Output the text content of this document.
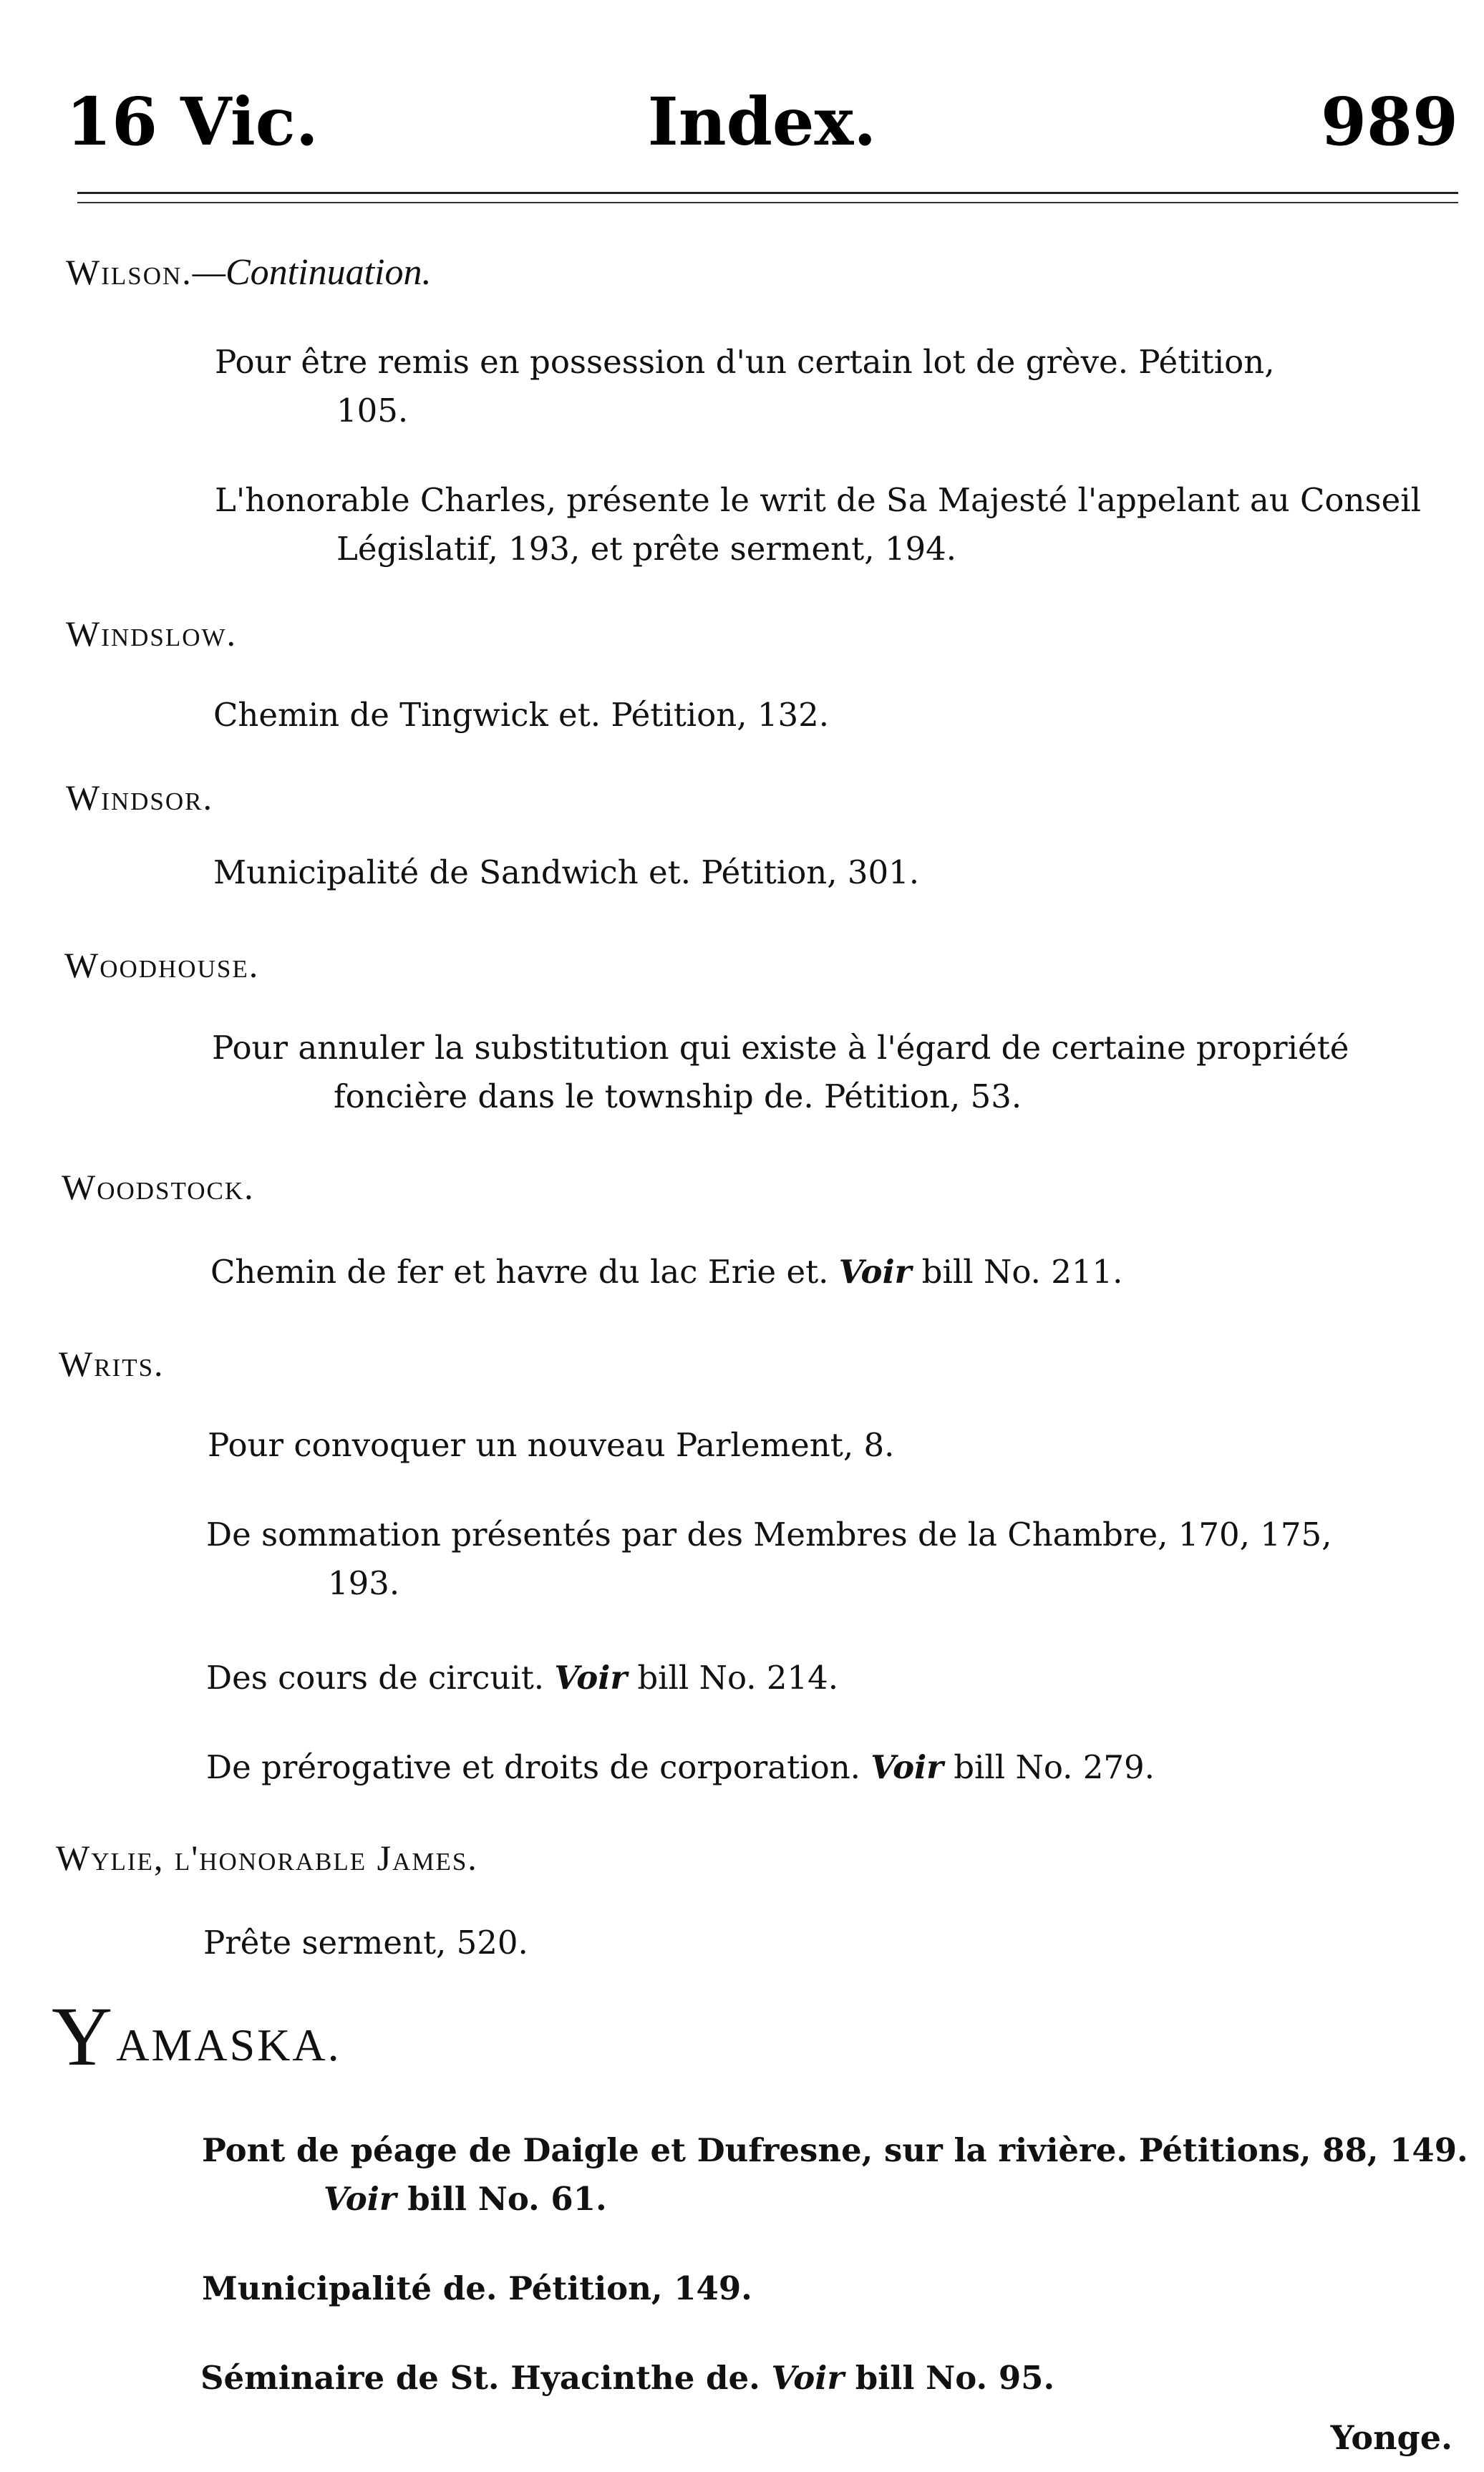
16 Vic.	Index.	989
Wilson.—Continuation.
Pour être remis en possession d'un certain lot de grève. Pétition,
105.
L'honorable Charles, présente le writ de Sa Majesté l'appelant au Conseil
Législatif, 193, et prête serment, 194.
Windslow.
Chemin de Tingwick et. Pétition, 132.
Windsor.
Municipalité de Sandwich et. Pétition, 301.
Woodhouse.
Pour annuler la substitution qui existe à l'égard de certaine propriété
foncière dans le township de. Pétition, 53.
Woodstock.
Chemin de fer et havre du lac Erie et. Voir bill No. 211.
Writs.
Pour convoquer un nouveau Parlement, 8.
De sommation présentés par des Membres de la Chambre, 170, 175,
193.
Des cours de circuit. Voir bill No. 214.
De prérogative et droits de corporation. Voir bill No. 279.
Wylie, l'honorable James.
Prête serment, 520.
YAMASKA.
Pont de péage de Daigle et Dufresne, sur la rivière. Pétitions, 88, 149.
Voir bill No. 61.
Municipalité de. Pétition, 149.
Séminaire de St. Hyacinthe de. Voir bill No. 95.
Yonge.
